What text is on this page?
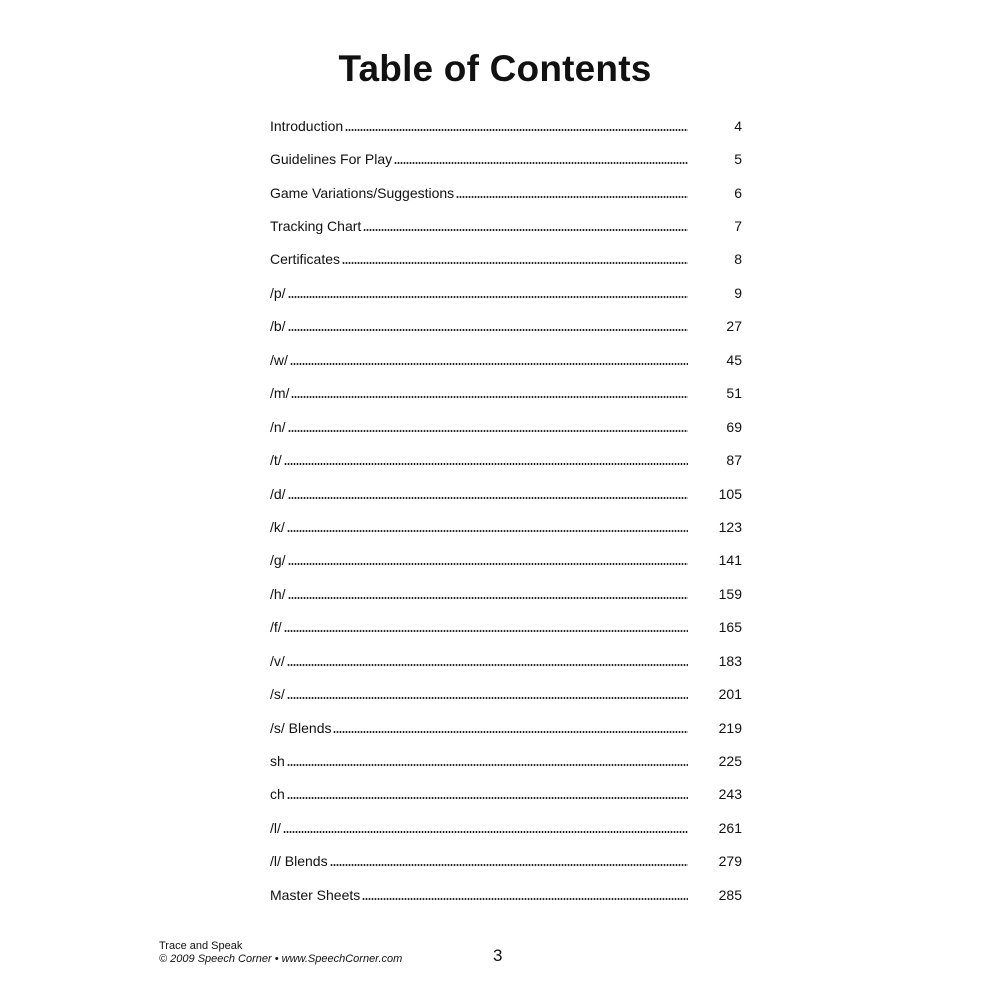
Table of Contents
Introduction	4
Guidelines For Play	5
Game Variations/Suggestions	6
Tracking Chart	7
Certificates	8
/p/	9
/b/	27
/w/	45
/m/	51
/n/	69
/t/	87
/d/	105
/k/	123
/g/	141
/h/	159
/f/	165
/v/	183
/s/	201
/s/ Blends	219
sh	225
ch	243
/l/	261
/l/ Blends	279
Master Sheets	285
Trace and Speak
© 2009 Speech Corner • www.SpeechCorner.com	3
